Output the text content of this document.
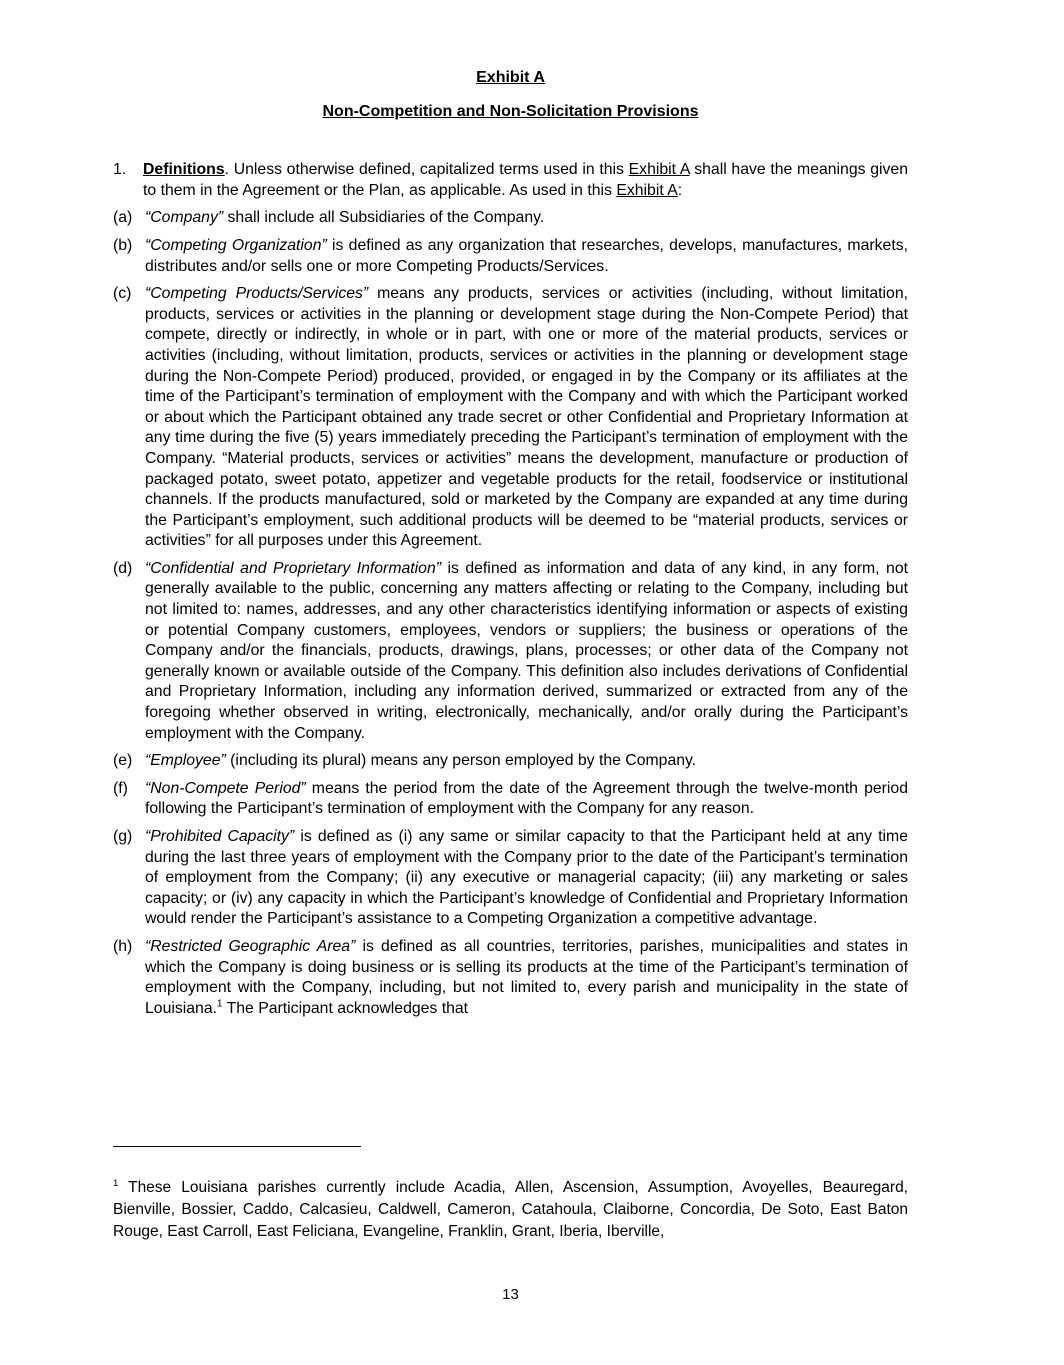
Exhibit A

Non-Competition and Non-Solicitation Provisions

1. Definitions. Unless otherwise defined, capitalized terms used in this Exhibit A shall have the meanings given to them in the Agreement or the Plan, as applicable. As used in this Exhibit A:

(a) “Company” shall include all Subsidiaries of the Company.

(b) “Competing Organization” is defined as any organization that researches, develops, manufactures, markets, distributes and/or sells one or more Competing Products/Services.

(c) “Competing Products/Services” means any products, services or activities (including, without limitation, products, services or activities in the planning or development stage during the Non-Compete Period) that compete, directly or indirectly, in whole or in part, with one or more of the material products, services or activities (including, without limitation, products, services or activities in the planning or development stage during the Non-Compete Period) produced, provided, or engaged in by the Company or its affiliates at the time of the Participant’s termination of employment with the Company and with which the Participant worked or about which the Participant obtained any trade secret or other Confidential and Proprietary Information at any time during the five (5) years immediately preceding the Participant’s termination of employment with the Company. “Material products, services or activities” means the development, manufacture or production of packaged potato, sweet potato, appetizer and vegetable products for the retail, foodservice or institutional channels. If the products manufactured, sold or marketed by the Company are expanded at any time during the Participant’s employment, such additional products will be deemed to be “material products, services or activities” for all purposes under this Agreement.

(d) “Confidential and Proprietary Information” is defined as information and data of any kind, in any form, not generally available to the public, concerning any matters affecting or relating to the Company, including but not limited to: names, addresses, and any other characteristics identifying information or aspects of existing or potential Company customers, employees, vendors or suppliers; the business or operations of the Company and/or the financials, products, drawings, plans, processes; or other data of the Company not generally known or available outside of the Company. This definition also includes derivations of Confidential and Proprietary Information, including any information derived, summarized or extracted from any of the foregoing whether observed in writing, electronically, mechanically, and/or orally during the Participant’s employment with the Company.

(e) “Employee” (including its plural) means any person employed by the Company.

(f) “Non-Compete Period” means the period from the date of the Agreement through the twelve-month period following the Participant’s termination of employment with the Company for any reason.

(g) “Prohibited Capacity” is defined as (i) any same or similar capacity to that the Participant held at any time during the last three years of employment with the Company prior to the date of the Participant’s termination of employment from the Company; (ii) any executive or managerial capacity; (iii) any marketing or sales capacity; or (iv) any capacity in which the Participant’s knowledge of Confidential and Proprietary Information would render the Participant’s assistance to a Competing Organization a competitive advantage.

(h) “Restricted Geographic Area” is defined as all countries, territories, parishes, municipalities and states in which the Company is doing business or is selling its products at the time of the Participant’s termination of employment with the Company, including, but not limited to, every parish and municipality in the state of Louisiana.$^1$ The Participant acknowledges that

$^1$ These Louisiana parishes currently include Acadia, Allen, Ascension, Assumption, Avoyelles, Beauregard, Bienville, Bossier, Caddo, Calcasieu, Caldwell, Cameron, Catahoula, Claiborne, Concordia, De Soto, East Baton Rouge, East Carroll, East Feliciana, Evangeline, Franklin, Grant, Iberia, Iberville,

13
